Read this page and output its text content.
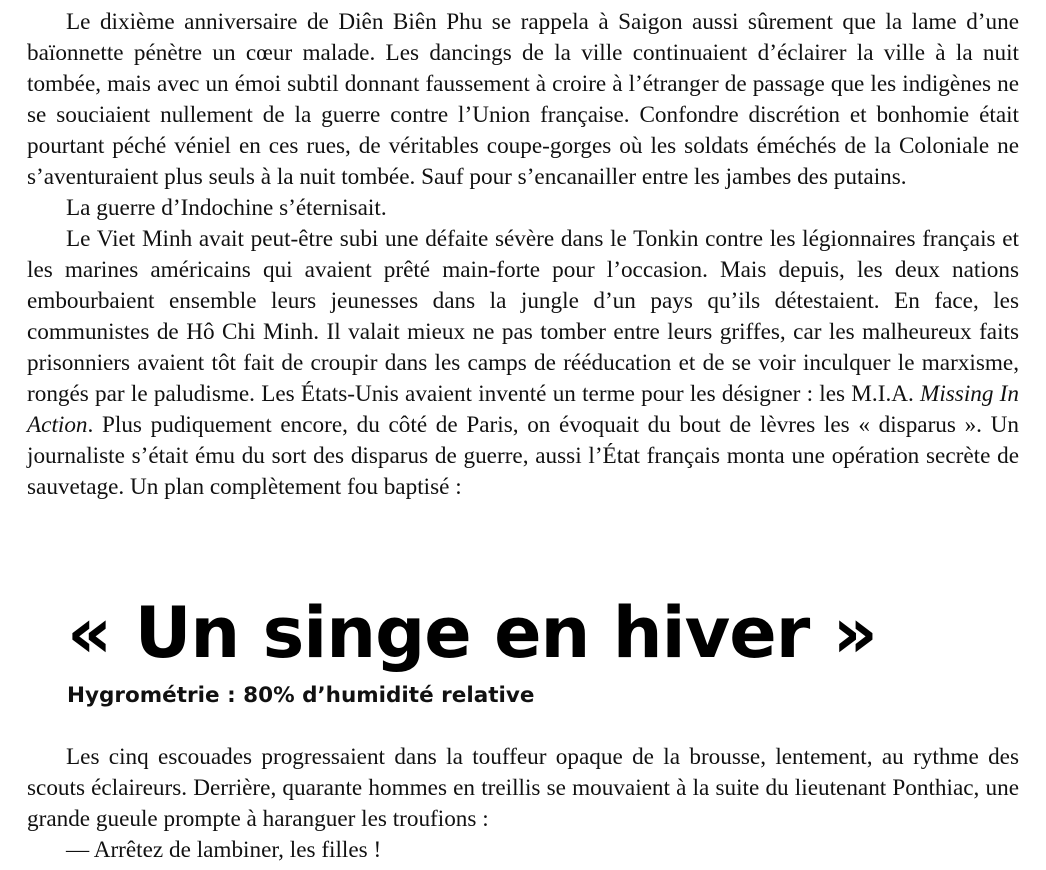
Le dixième anniversaire de Diên Biên Phu se rappela à Saigon aussi sûrement que la lame d’une baïonnette pénètre un cœur malade. Les dancings de la ville continuaient d’éclairer la ville à la nuit tombée, mais avec un émoi subtil donnant faussement à croire à l’étranger de passage que les indigènes ne se souciaient nullement de la guerre contre l’Union française. Confondre discrétion et bonhomie était pourtant péché véniel en ces rues, de véritables coupe-gorges où les soldats éméchés de la Coloniale ne s’aventuraient plus seuls à la nuit tombée. Sauf pour s’encanailler entre les jambes des putains.

La guerre d’Indochine s’éternisait.

Le Viet Minh avait peut-être subi une défaite sévère dans le Tonkin contre les légionnaires français et les marines américains qui avaient prêté main-forte pour l’occasion. Mais depuis, les deux nations embourbaient ensemble leurs jeunesses dans la jungle d’un pays qu’ils détestaient. En face, les communistes de Hô Chi Minh. Il valait mieux ne pas tomber entre leurs griffes, car les malheureux faits prisonniers avaient tôt fait de croupir dans les camps de rééducation et de se voir inculquer le marxisme, rongés par le paludisme. Les États-Unis avaient inventé un terme pour les désigner : les M.I.A. Missing In Action. Plus pudiquement encore, du côté de Paris, on évoquait du bout de lèvres les « disparus ». Un journaliste s’était ému du sort des disparus de guerre, aussi l’État français monta une opération secrète de sauvetage. Un plan complètement fou baptisé :

« Un singe en hiver »
Hygrométrie : 80% d’humidité relative

Les cinq escouades progressaient dans la touffeur opaque de la brousse, lentement, au rythme des scouts éclaireurs. Derrière, quarante hommes en treillis se mouvaient à la suite du lieutenant Ponthiac, une grande gueule prompte à haranguer les troufions :

— Arrêtez de lambiner, les filles !
